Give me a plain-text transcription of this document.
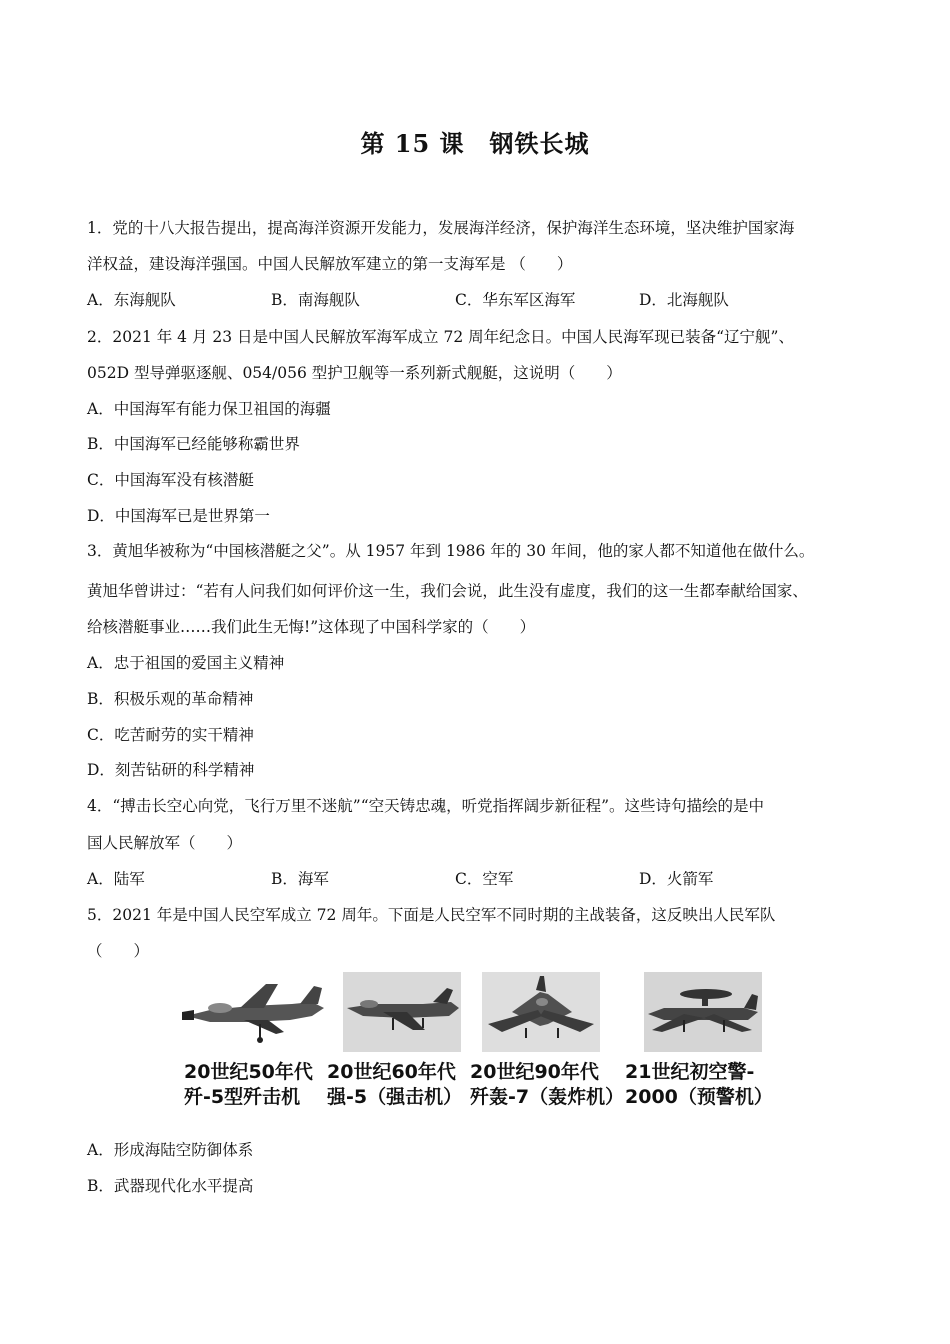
第 15 课　钢铁长城
1．党的十八大报告提出，提高海洋资源开发能力，发展海洋经济，保护海洋生态环境，坚决维护国家海
洋权益，建设海洋强国。中国人民解放军建立的第一支海军是 （　　）
A．东海舰队	B．南海舰队	C．华东军区海军	D．北海舰队
2．2021 年 4 月 23 日是中国人民解放军海军成立 72 周年纪念日。中国人民海军现已装备“辽宁舰”、
052D 型导弹驱逐舰、054/056 型护卫舰等一系列新式舰艇，这说明（　　）
A．中国海军有能力保卫祖国的海疆
B．中国海军已经能够称霸世界
C．中国海军没有核潜艇
D．中国海军已是世界第一
3．黄旭华被称为“中国核潜艇之父”。从 1957 年到 1986 年的 30 年间，他的家人都不知道他在做什么。
黄旭华曾讲过：“若有人问我们如何评价这一生，我们会说，此生没有虚度，我们的这一生都奉献给国家、
给核潜艇事业……我们此生无悔!”这体现了中国科学家的（　　）
A．忠于祖国的爱国主义精神
B．积极乐观的革命精神
C．吃苦耐劳的实干精神
D．刻苦钻研的科学精神
4．“搏击长空心向党，飞行万里不迷航”“空天铸忠魂，听党指挥阔步新征程”。这些诗句描绘的是中
国人民解放军（　　）
A．陆军	B．海军	C．空军	D．火箭军
5．2021 年是中国人民空军成立 72 周年。下面是人民空军不同时期的主战装备，这反映出人民军队
（　　）
20世纪50年代
歼-5型歼击机
20世纪60年代
强-5（强击机）
20世纪90年代
歼轰-7（轰炸机）
21世纪初空警-
2000（预警机）
A．形成海陆空防御体系
B．武器现代化水平提高
